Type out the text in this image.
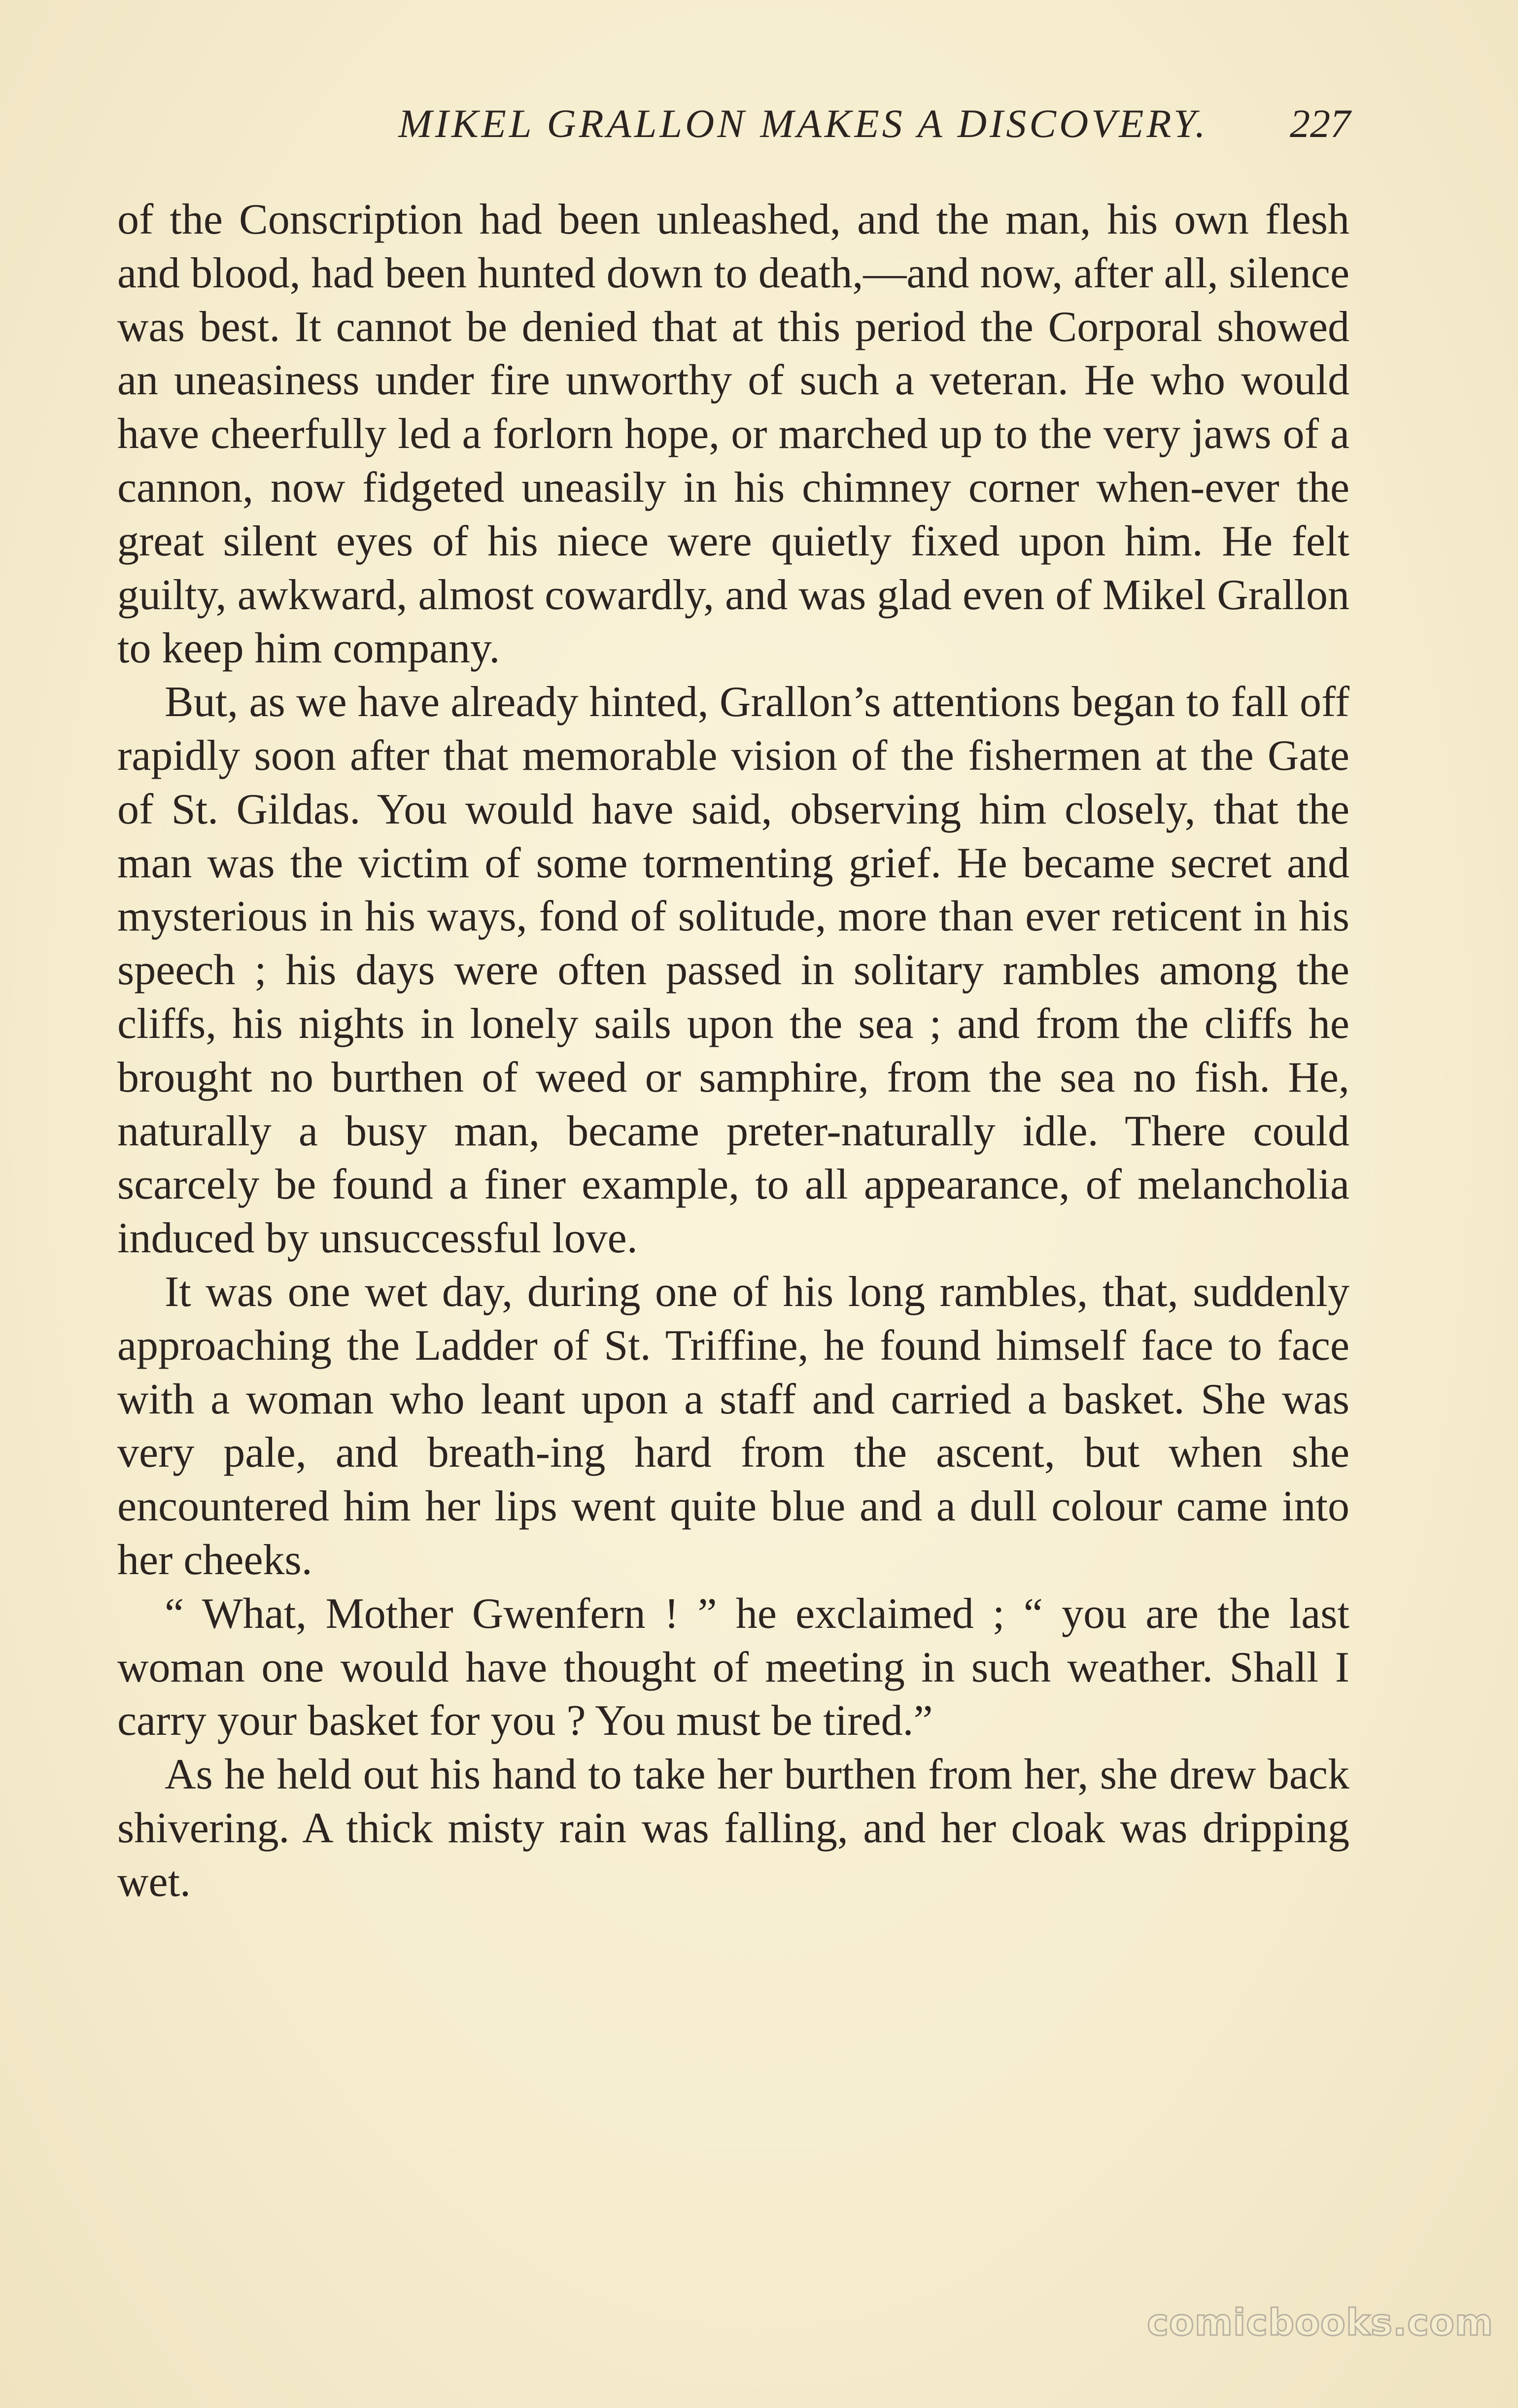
MIKEL GRALLON MAKES A DISCOVERY.	227

of the Conscription had been unleashed, and the man, his own flesh and blood, had been hunted down to death,—and now, after all, silence was best. It cannot be denied that at this period the Corporal showed an uneasiness under fire unworthy of such a veteran. He who would have cheerfully led a forlorn hope, or marched up to the very jaws of a cannon, now fidgeted uneasily in his chimney corner when-ever the great silent eyes of his niece were quietly fixed upon him. He felt guilty, awkward, almost cowardly, and was glad even of Mikel Grallon to keep him company.

But, as we have already hinted, Grallon’s attentions began to fall off rapidly soon after that memorable vision of the fishermen at the Gate of St. Gildas. You would have said, observing him closely, that the man was the victim of some tormenting grief. He became secret and mysterious in his ways, fond of solitude, more than ever reticent in his speech ; his days were often passed in solitary rambles among the cliffs, his nights in lonely sails upon the sea ; and from the cliffs he brought no burthen of weed or samphire, from the sea no fish. He, naturally a busy man, became preter-naturally idle. There could scarcely be found a finer example, to all appearance, of melancholia induced by unsuccessful love.

It was one wet day, during one of his long rambles, that, suddenly approaching the Ladder of St. Triffine, he found himself face to face with a woman who leant upon a staff and carried a basket. She was very pale, and breath-ing hard from the ascent, but when she encountered him her lips went quite blue and a dull colour came into her cheeks.

“ What, Mother Gwenfern ! ” he exclaimed ; “ you are the last woman one would have thought of meeting in such weather. Shall I carry your basket for you ? You must be tired.”

As he held out his hand to take her burthen from her, she drew back shivering. A thick misty rain was falling, and her cloak was dripping wet.

comicbooks.com
